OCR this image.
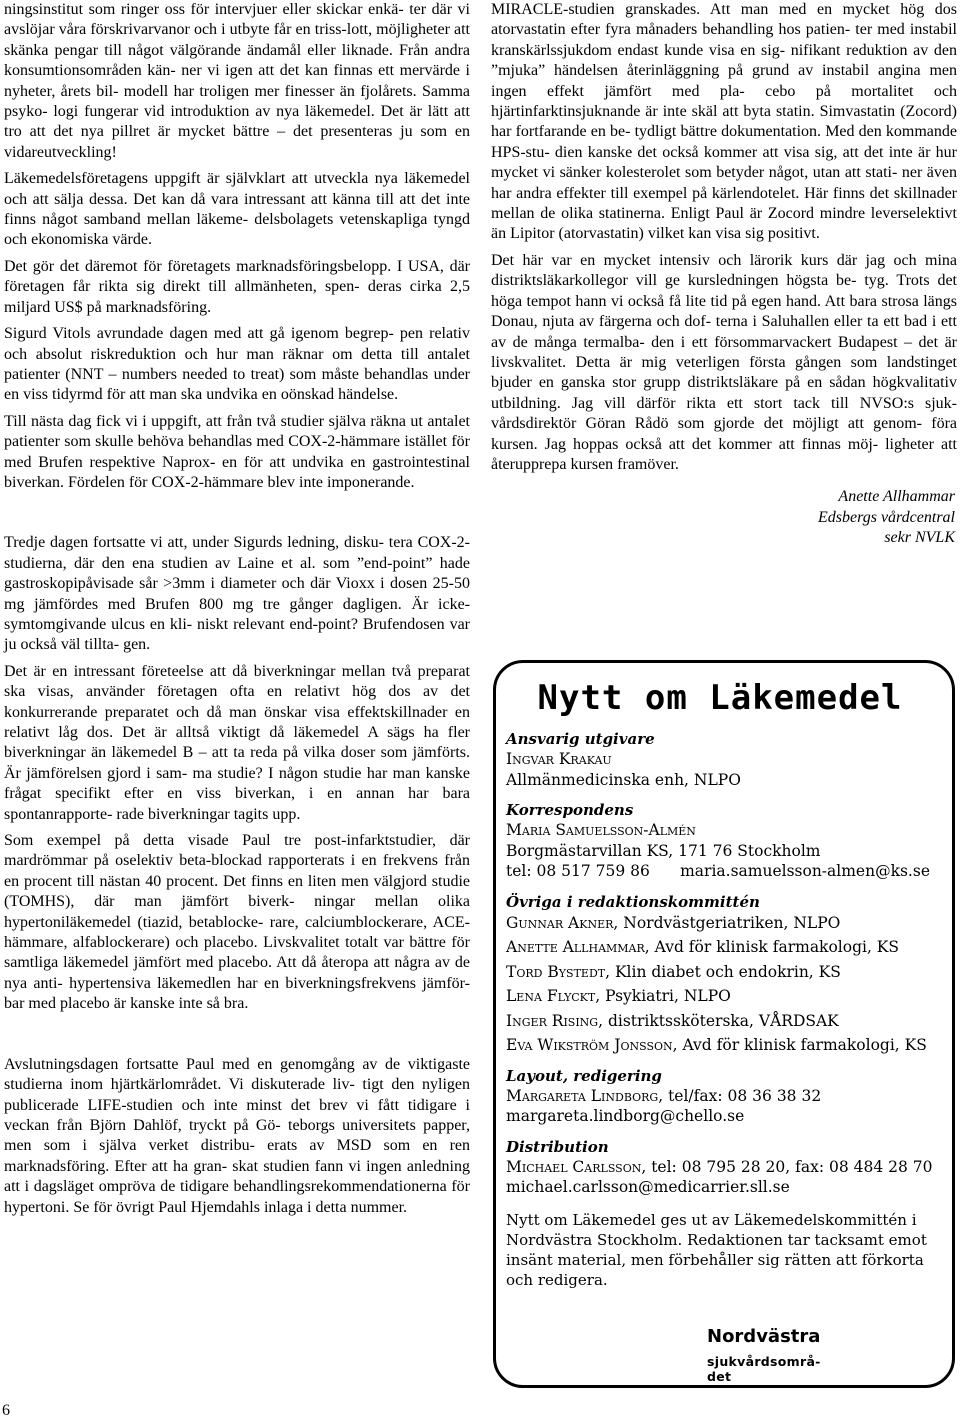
ningsinstitut som ringer oss för intervjuer eller skickar enkä- ter där vi avslöjar våra förskrivarvanor och i utbyte får en triss-lott, möjligheter att skänka pengar till något välgörande ändamål eller liknade. Från andra konsumtionsområden kän- ner vi igen att det kan finnas ett mervärde i nyheter, årets bil- modell har troligen mer finesser än fjolårets. Samma psyko- logi fungerar vid introduktion av nya läkemedel. Det är lätt att tro att det nya pillret är mycket bättre – det presenteras ju som en vidareutveckling!

Läkemedelsföretagens uppgift är självklart att utveckla nya läkemedel och att sälja dessa. Det kan då vara intressant att känna till att det inte finns något samband mellan läkeme- delsbolagets vetenskapliga tyngd och ekonomiska värde.

Det gör det däremot för företagets marknadsföringsbelopp. I USA, där företagen får rikta sig direkt till allmänheten, spen- deras cirka 2,5 miljard US$ på marknadsföring.

Sigurd Vitols avrundade dagen med att gå igenom begrep- pen relativ och absolut riskreduktion och hur man räknar om detta till antalet patienter (NNT – numbers needed to treat) som måste behandlas under en viss tidyrmd för att man ska undvika en oönskad händelse.

Till nästa dag fick vi i uppgift, att från två studier själva räkna ut antalet patienter som skulle behöva behandlas med COX-2-hämmare istället för med Brufen respektive Naprox- en för att undvika en gastrointestinal biverkan. Fördelen för COX-2-hämmare blev inte imponerande.

Tredje dagen fortsatte vi att, under Sigurds ledning, disku- tera COX-2-studierna, där den ena studien av Laine et al. som ”end-point” hade gastroskopipåvisade sår >3mm i diameter och där Vioxx i dosen 25-50 mg jämfördes med Brufen 800 mg tre gånger dagligen. Är icke-symtomgivande ulcus en kli- niskt relevant end-point? Brufendosen var ju också väl tillta- gen.

Det är en intressant företeelse att då biverkningar mellan två preparat ska visas, använder företagen ofta en relativt hög dos av det konkurrerande preparatet och då man önskar visa effektskillnader en relativt låg dos. Det är alltså viktigt då läkemedel A sägs ha fler biverkningar än läkemedel B – att ta reda på vilka doser som jämförts. Är jämförelsen gjord i sam- ma studie? I någon studie har man kanske frågat specifikt efter en viss biverkan, i en annan har bara spontanrapporte- rade biverkningar tagits upp.

Som exempel på detta visade Paul tre post-infarktstudier, där mardrömmar på oselektiv beta-blockad rapporterats i en frekvens från en procent till nästan 40 procent. Det finns en liten men välgjord studie (TOMHS), där man jämfört biverk- ningar mellan olika hypertoniläkemedel (tiazid, betablocke- rare, calciumblockerare, ACE-hämmare, alfablockerare) och placebo. Livskvalitet totalt var bättre för samtliga läkemedel jämfört med placebo. Att då återopa att några av de nya anti- hypertensiva läkemedlen har en biverkningsfrekvens jämför- bar med placebo är kanske inte så bra.

Avslutningsdagen fortsatte Paul med en genomgång av de viktigaste studierna inom hjärtkärlområdet. Vi diskuterade liv- tigt den nyligen publicerade LIFE-studien och inte minst det brev vi fått tidigare i veckan från Björn Dahlöf, tryckt på Gö- teborgs universitets papper, men som i själva verket distribu- erats av MSD som en ren marknadsföring. Efter att ha gran- skat studien fann vi ingen anledning att i dagsläget ompröva de tidigare behandlingsrekommendationerna för hypertoni. Se för övrigt Paul Hjemdahls inlaga i detta nummer.

MIRACLE-studien granskades. Att man med en mycket hög dos atorvastatin efter fyra månaders behandling hos patien- ter med instabil kranskärlssjukdom endast kunde visa en sig- nifikant reduktion av den ”mjuka” händelsen återinläggning på grund av instabil angina men ingen effekt jämfört med pla- cebo på mortalitet och hjärtinfarktinsjuknande är inte skäl att byta statin. Simvastatin (Zocord) har fortfarande en be- tydligt bättre dokumentation. Med den kommande HPS-stu- dien kanske det också kommer att visa sig, att det inte är hur mycket vi sänker kolesterolet som betyder något, utan att stati- ner även har andra effekter till exempel på kärlendotelet. Här finns det skillnader mellan de olika statinerna. Enligt Paul är Zocord mindre leverselektivt än Lipitor (atorvastatin) vilket kan visa sig positivt.

Det här var en mycket intensiv och lärorik kurs där jag och mina distriktsläkarkollegor vill ge kursledningen högsta be- tyg. Trots det höga tempot hann vi också få lite tid på egen hand. Att bara strosa längs Donau, njuta av färgerna och dof- terna i Saluhallen eller ta ett bad i ett av de många termalba- den i ett försommarvackert Budapest – det är livskvalitet. Detta är mig veterligen första gången som landstinget bjuder en ganska stor grupp distriktsläkare på en sådan högkvalitativ utbildning. Jag vill därför rikta ett stort tack till NVSO:s sjuk- vårdsdirektör Göran Rådö som gjorde det möjligt att genom- föra kursen. Jag hoppas också att det kommer att finnas möj- ligheter att återupprepa kursen framöver.

Anette Allhammar
Edsbergs vårdcentral
sekr NVLK
Nytt om Läkemedel
Ansvarig utgivare
Ingvar Krakau
Allmänmedicinska enh, NLPO
Korrespondens
Maria Samuelsson-Almén
Borgmästarvillan KS, 171 76 Stockholm
tel: 08 517 759 86 maria.samuelsson-almen@ks.se
Övriga i redaktionskommittén
Gunnar Akner, Nordvästgeriatriken, NLPO
Anette Allhammar, Avd för klinisk farmakologi, KS
Tord Bystedt, Klin diabet och endokrin, KS
Lena Flyckt, Psykiatri, NLPO
Inger Rising, distriktssköterska, VÅRDSAK
Eva Wikström Jonsson, Avd för klinisk farmakologi, KS
Layout, redigering
Margareta Lindborg, tel/fax: 08 36 38 32
margareta.lindborg@chello.se
Distribution
Michael Carlsson, tel: 08 795 28 20, fax: 08 484 28 70
michael.carlsson@medicarrier.sll.se
Nytt om Läkemedel ges ut av Läkemedelskommittén i Nordvästra Stockholm. Redaktionen tar tacksamt emot insänt material, men förbehåller sig rätten att förkorta och redigera.
Nordvästra
sjukvårdsområ-
det
6
